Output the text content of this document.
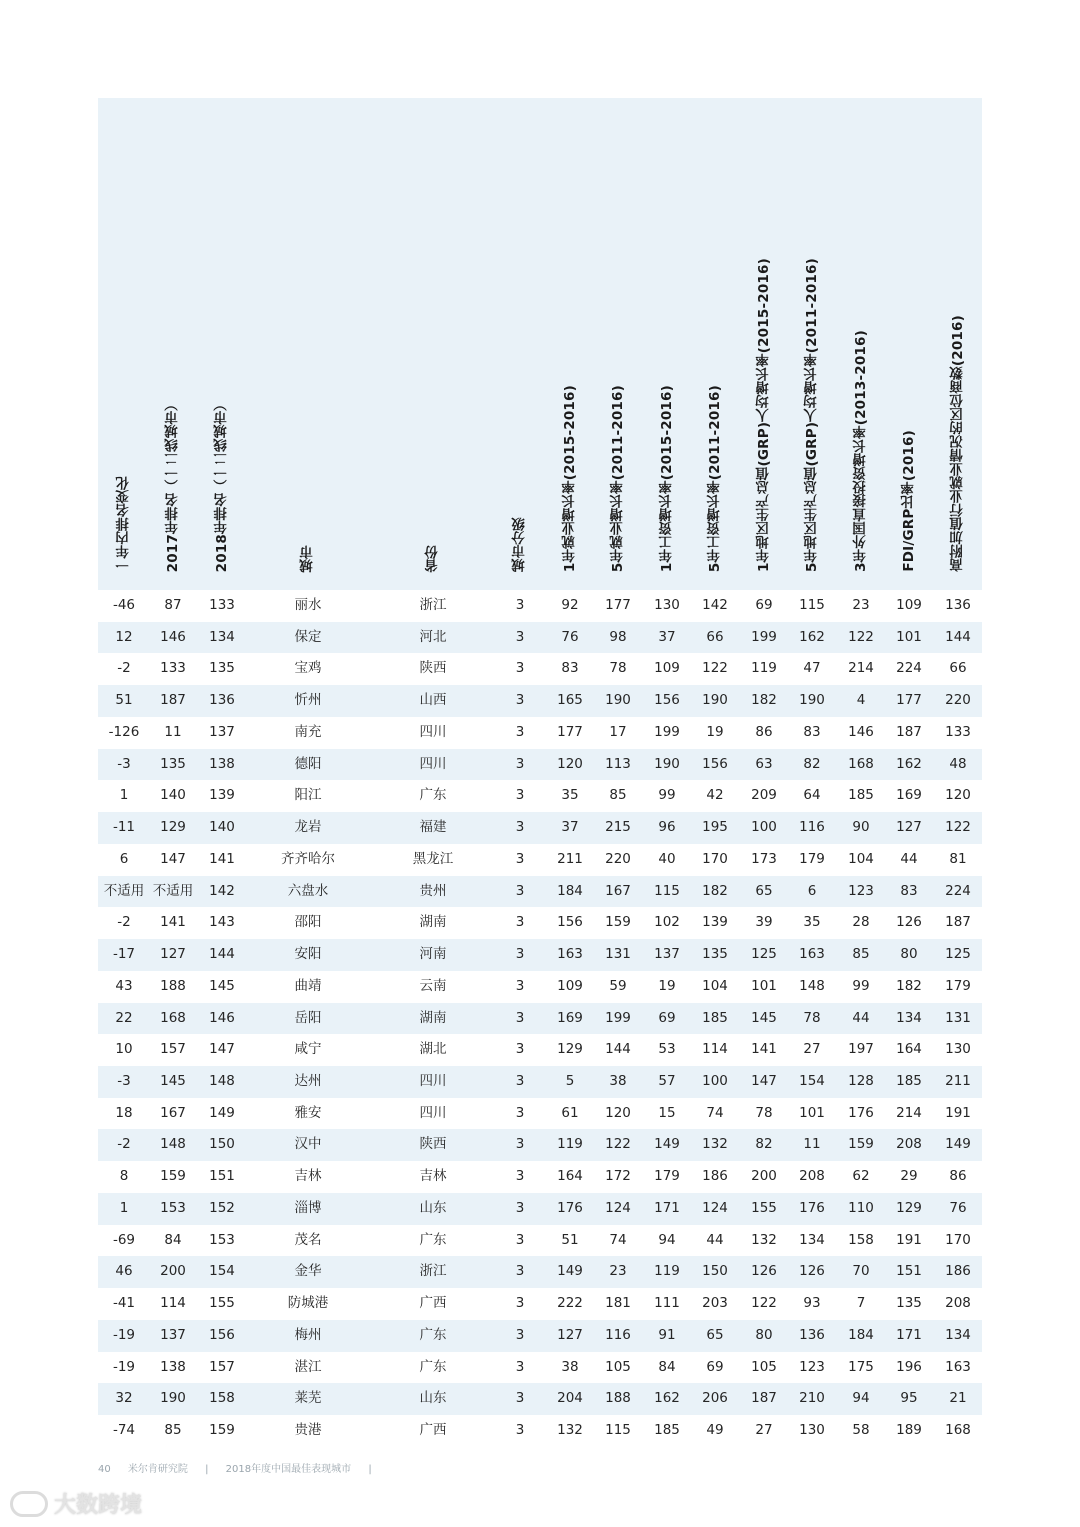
一年内排名变化 2017年排名（一二线城市） 2018年排名（一二线城市）	城市	省份	城市分级	1年就业增长率(2015-2016) 5年就业增长率(2011-2016) 1年工资增长率(2015-2016) 5年工资增长率(2011-2016) 1年地区生产总值(GRP)人均增长率(2015-2016) 5年地区生产总值(GRP)人均增长率(2011-2016) 3年外国直接投资增长率(2013-2016) FDI/GRP比率(2016) 高附加值行业就业情况的区位商数(2016)
-46 87 133	丽水	浙江	3	92 177 130 142 69 115 23 109 136
12 146 134	保定	河北	3	76 98 37 66 199 162 122 101 144
-2 133 135	宝鸡	陕西	3	83 78 109 122 119 47 214 224 66
51 187 136	忻州	山西	3 165 190 156 190 182 190 4 177 220
-126 11 137	南充	四川	3 177 17 199 19 86 83 146 187 133
-3 135 138	德阳	四川	3 120 113 190 156 63 82 168 162 48
1 140 139	阳江	广东	3	35 85 99 42 209 64 185 169 120
-11 129 140	龙岩	福建	3	37 215 96 195 100 116 90 127 122
6 147 141	齐齐哈尔	黑龙江	3 211 220 40 170 173 179 104 44 81
不适用 不适用 142	六盘水	贵州	3 184 167 115 182 65	6 123 83 224
-2 141 143	邵阳	湖南	3 156 159 102 139 39 35 28 126 187
-17 127 144	安阳	河南	3 163 131 137 135 125 163 85 80 125
43 188 145	曲靖	云南	3 109 59 19 104 101 148 99 182 179
22 168 146	岳阳	湖南	3 169 199 69 185 145 78 44 134 131
10 157 147	咸宁	湖北	3 129 144 53 114 141 27 197 164 130
-3 145 148	达州	四川	3	5	38 57 100 147 154 128 185 211
18 167 149	雅安	四川	3	61 120 15 74 78 101 176 214 191
-2 148 150	汉中	陕西	3 119 122 149 132 82 11 159 208 149
8 159 151	吉林	吉林	3 164 172 179 186 200 208 62 29 86
1 153 152	淄博	山东	3 176 124 171 124 155 176 110 129 76
-69 84 153	茂名	广东	3	51 74 94 44 132 134 158 191 170
46 200 154	金华	浙江	3 149 23 119 150 126 126 70 151 186
-41 114 155	防城港	广西	3 222 181 111 203 122 93	7 135 208
-19 137 156	梅州	广东	3 127 116 91 65 80 136 184 171 134
-19 138 157	湛江	广东	3	38 105 84 69 105 123 175 196 163
32 190 158	莱芜	山东	3 204 188 162 206 187 210 94 95 21
-74 85 159	贵港	广西	3 132 115 185 49 27 130 58 189 168
40 米尔肯研究院 | 2018年度中国最佳表现城市 |
大数跨境
